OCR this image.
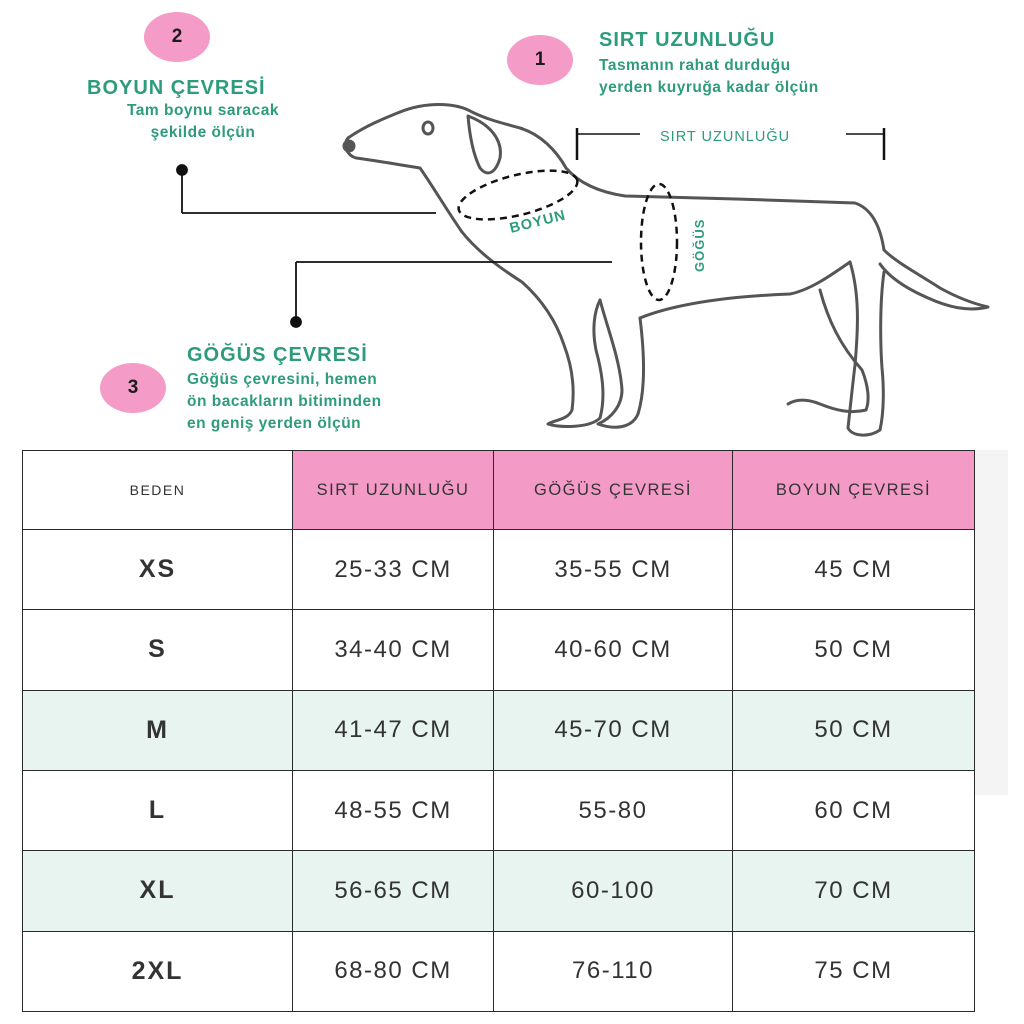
1
2
3
SIRT UZUNLUĞU
Tasmanın rahat durduğu
yerden kuyruğa kadar ölçün
BOYUN ÇEVRESİ
Tam boynu saracak
şekilde ölçün
GÖĞÜS ÇEVRESİ
Göğüs çevresini, hemen
ön bacakların bitiminden
en geniş yerden ölçün
BOYUN	GÖĞÜS
SIRT UZUNLUĞU
BEDEN	SIRT UZUNLUĞU	GÖĞÜS ÇEVRESİ	BOYUN ÇEVRESİ
XS	25-33 CM	35-55 CM	45 CM
S	34-40 CM	40-60 CM	50 CM
M	41-47 CM	45-70 CM	50 CM
L	48-55 CM	55-80	60 CM
XL	56-65 CM	60-100	70 CM
2XL	68-80 CM	76-110	75 CM
